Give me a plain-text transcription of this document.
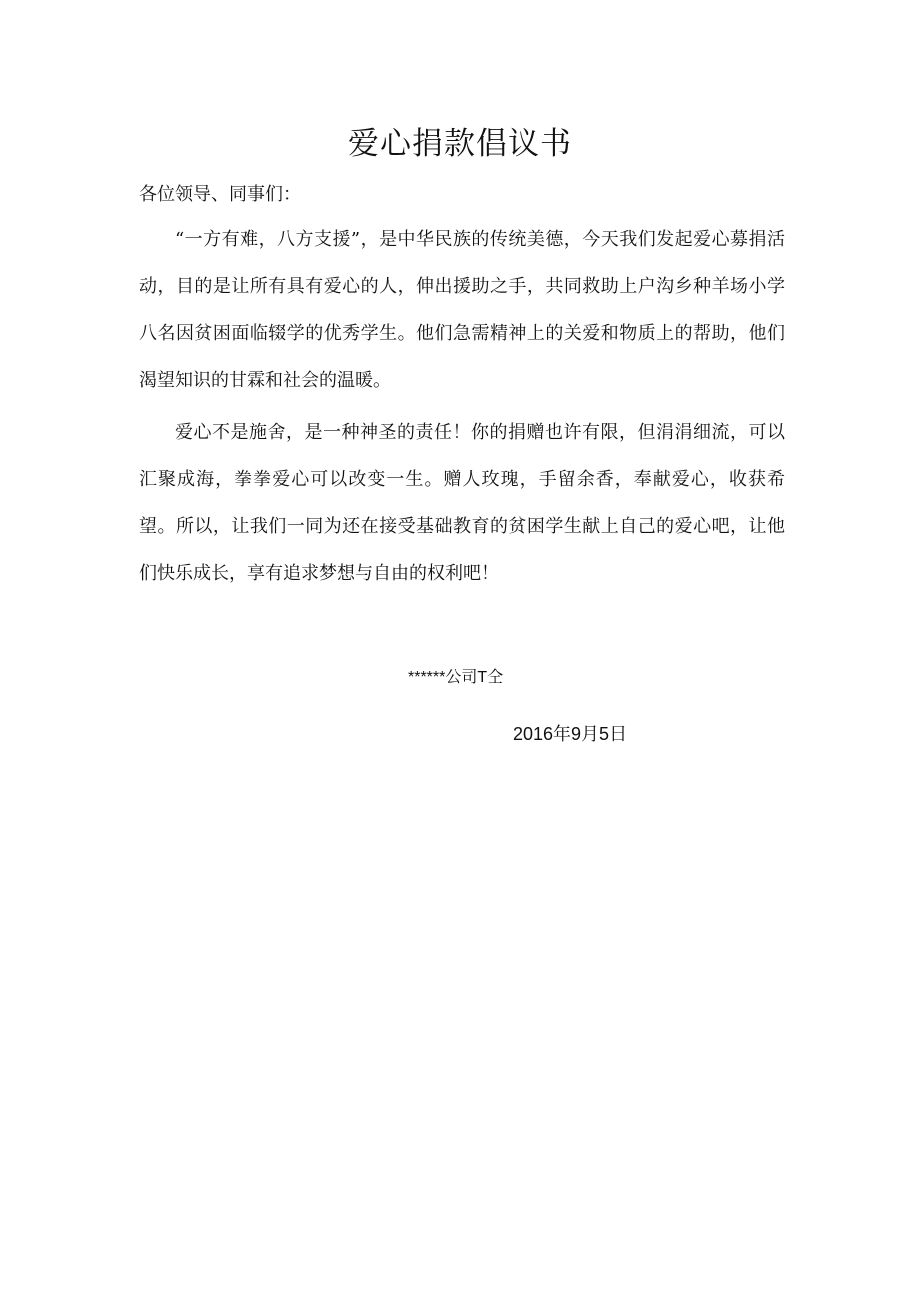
爱心捐款倡议书
各位领导、同事们：
“一方有难，八方支援”，是中华民族的传统美德，今天我们发起爱心募捐活动，目的是让所有具有爱心的人，伸出援助之手，共同救助上户沟乡种羊场小学八名因贫困面临辍学的优秀学生。他们急需精神上的关爱和物质上的帮助，他们渴望知识的甘霖和社会的温暖。
爱心不是施舍，是一种神圣的责任！你的捐赠也许有限，但涓涓细流，可以汇聚成海，拳拳爱心可以改变一生。赠人玫瑰，手留余香，奉献爱心，收获希望。所以，让我们一同为还在接受基础教育的贫困学生献上自己的爱心吧，让他们快乐成长，享有追求梦想与自由的权利吧！
******公司T仝
2016年9月5日
